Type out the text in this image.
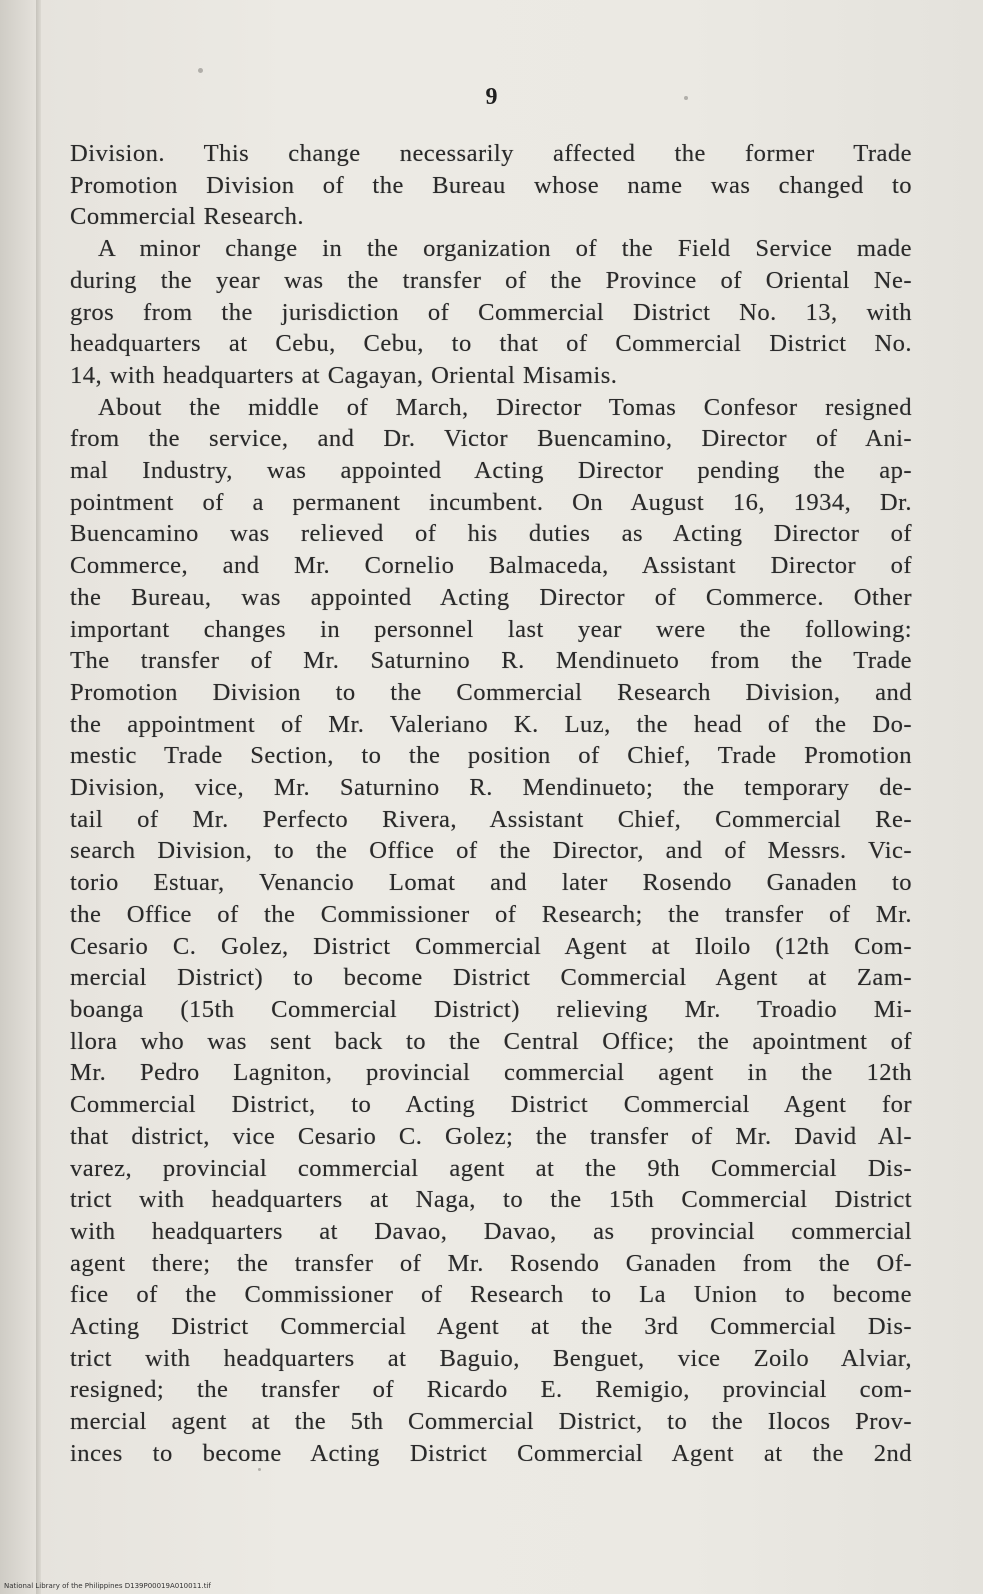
9
Division. This change necessarily affected the former Trade
Promotion Division of the Bureau whose name was changed to
Commercial Research.
A minor change in the organization of the Field Service made
during the year was the transfer of the Province of Oriental Ne-
gros from the jurisdiction of Commercial District No. 13, with
headquarters at Cebu, Cebu, to that of Commercial District No.
14, with headquarters at Cagayan, Oriental Misamis.
About the middle of March, Director Tomas Confesor resigned
from the service, and Dr. Victor Buencamino, Director of Ani-
mal Industry, was appointed Acting Director pending the ap-
pointment of a permanent incumbent. On August 16, 1934, Dr.
Buencamino was relieved of his duties as Acting Director of
Commerce, and Mr. Cornelio Balmaceda, Assistant Director of
the Bureau, was appointed Acting Director of Commerce. Other
important changes in personnel last year were the following:
The transfer of Mr. Saturnino R. Mendinueto from the Trade
Promotion Division to the Commercial Research Division, and
the appointment of Mr. Valeriano K. Luz, the head of the Do-
mestic Trade Section, to the position of Chief, Trade Promotion
Division, vice, Mr. Saturnino R. Mendinueto; the temporary de-
tail of Mr. Perfecto Rivera, Assistant Chief, Commercial Re-
search Division, to the Office of the Director, and of Messrs. Vic-
torio Estuar, Venancio Lomat and later Rosendo Ganaden to
the Office of the Commissioner of Research; the transfer of Mr.
Cesario C. Golez, District Commercial Agent at Iloilo (12th Com-
mercial District) to become District Commercial Agent at Zam-
boanga (15th Commercial District) relieving Mr. Troadio Mi-
llora who was sent back to the Central Office; the apointment of
Mr. Pedro Lagniton, provincial commercial agent in the 12th
Commercial District, to Acting District Commercial Agent for
that district, vice Cesario C. Golez; the transfer of Mr. David Al-
varez, provincial commercial agent at the 9th Commercial Dis-
trict with headquarters at Naga, to the 15th Commercial District
with headquarters at Davao, Davao, as provincial commercial
agent there; the transfer of Mr. Rosendo Ganaden from the Of-
fice of the Commissioner of Research to La Union to become
Acting District Commercial Agent at the 3rd Commercial Dis-
trict with headquarters at Baguio, Benguet, vice Zoilo Alviar,
resigned; the transfer of Ricardo E. Remigio, provincial com-
mercial agent at the 5th Commercial District, to the Ilocos Prov-
inces to become Acting District Commercial Agent at the 2nd
National Library of the Philippines D139P00019A010011.tif
